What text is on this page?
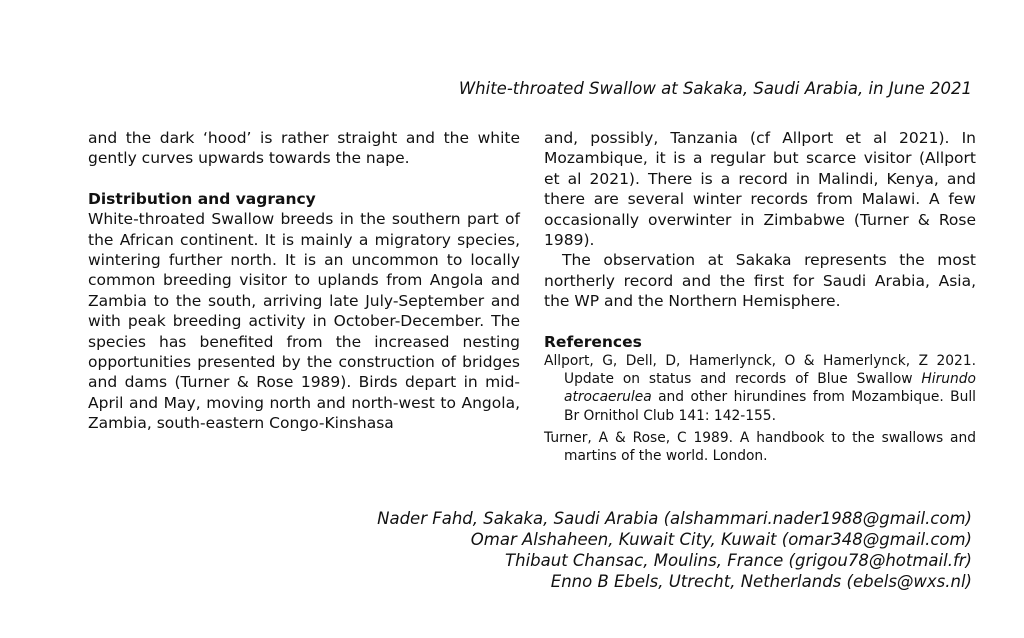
White-throated Swallow at Sakaka, Saudi Arabia, in June 2021

and the dark ‘hood’ is rather straight and the white gently curves upwards towards the nape.

Distribution and vagrancy

White-throated Swallow breeds in the southern part of the African continent. It is mainly a migratory species, wintering further north. It is an uncommon to locally common breeding visitor to uplands from Angola and Zambia to the south, arriving late July-September and with peak breeding activity in October-December. The species has benefited from the increased nesting opportunities presented by the construction of bridges and dams (Turner & Rose 1989). Birds depart in mid-April and May, moving north and north-west to Angola, Zambia, south-eastern Congo-Kinshasa

and, possibly, Tanzania (cf Allport et al 2021). In Mozambique, it is a regular but scarce visitor (Allport et al 2021). There is a record in Malindi, Kenya, and there are several winter records from Malawi. A few occasionally overwinter in Zimbabwe (Turner & Rose 1989).

The observation at Sakaka represents the most northerly record and the first for Saudi Arabia, Asia, the WP and the Northern Hemisphere.

References

Allport, G, Dell, D, Hamerlynck, O & Hamerlynck, Z 2021. Update on status and records of Blue Swallow Hirundo atrocaerulea and other hirundines from Mozambique. Bull Br Ornithol Club 141: 142-155.

Turner, A & Rose, C 1989. A handbook to the swallows and martins of the world. London.

Nader Fahd, Sakaka, Saudi Arabia (alshammari.nader1988@gmail.com)
Omar Alshaheen, Kuwait City, Kuwait (omar348@gmail.com)
Thibaut Chansac, Moulins, France (grigou78@hotmail.fr)
Enno B Ebels, Utrecht, Netherlands (ebels@wxs.nl)
